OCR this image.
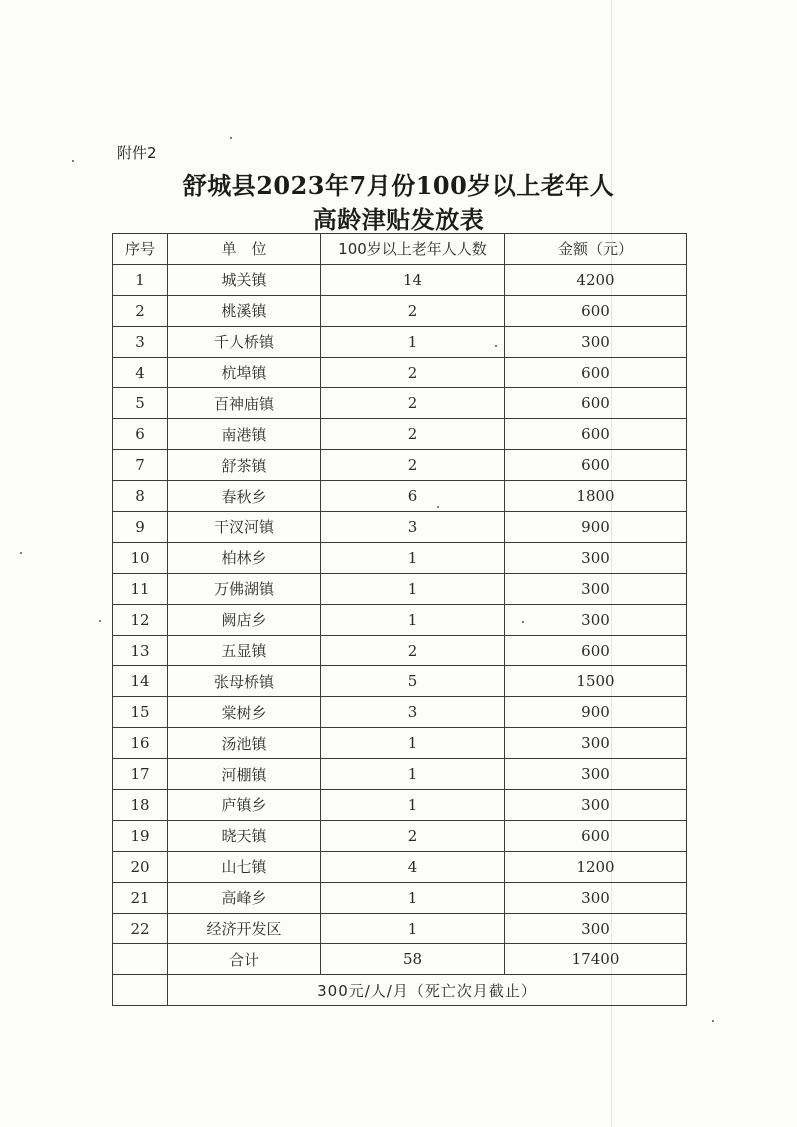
附件2
舒城县2023年7月份100岁以上老年人
高龄津贴发放表
序号	单　位	100岁以上老年人人数	金额（元）
1	城关镇	14	4200
2	桃溪镇	2	600
3	千人桥镇	1	300
4	杭埠镇	2	600
5	百神庙镇	2	600
6	南港镇	2	600
7	舒茶镇	2	600
8	春秋乡	6	1800
9	干汊河镇	3	900
10	柏林乡	1	300
11	万佛湖镇	1	300
12	阙店乡	1	300
13	五显镇	2	600
14	张母桥镇	5	1500
15	棠树乡	3	900
16	汤池镇	1	300
17	河棚镇	1	300
18	庐镇乡	1	300
19	晓天镇	2	600
20	山七镇	4	1200
21	高峰乡	1	300
22	经济开发区	1	300
	合计	58	17400
	300元/人/月（死亡次月截止）		
